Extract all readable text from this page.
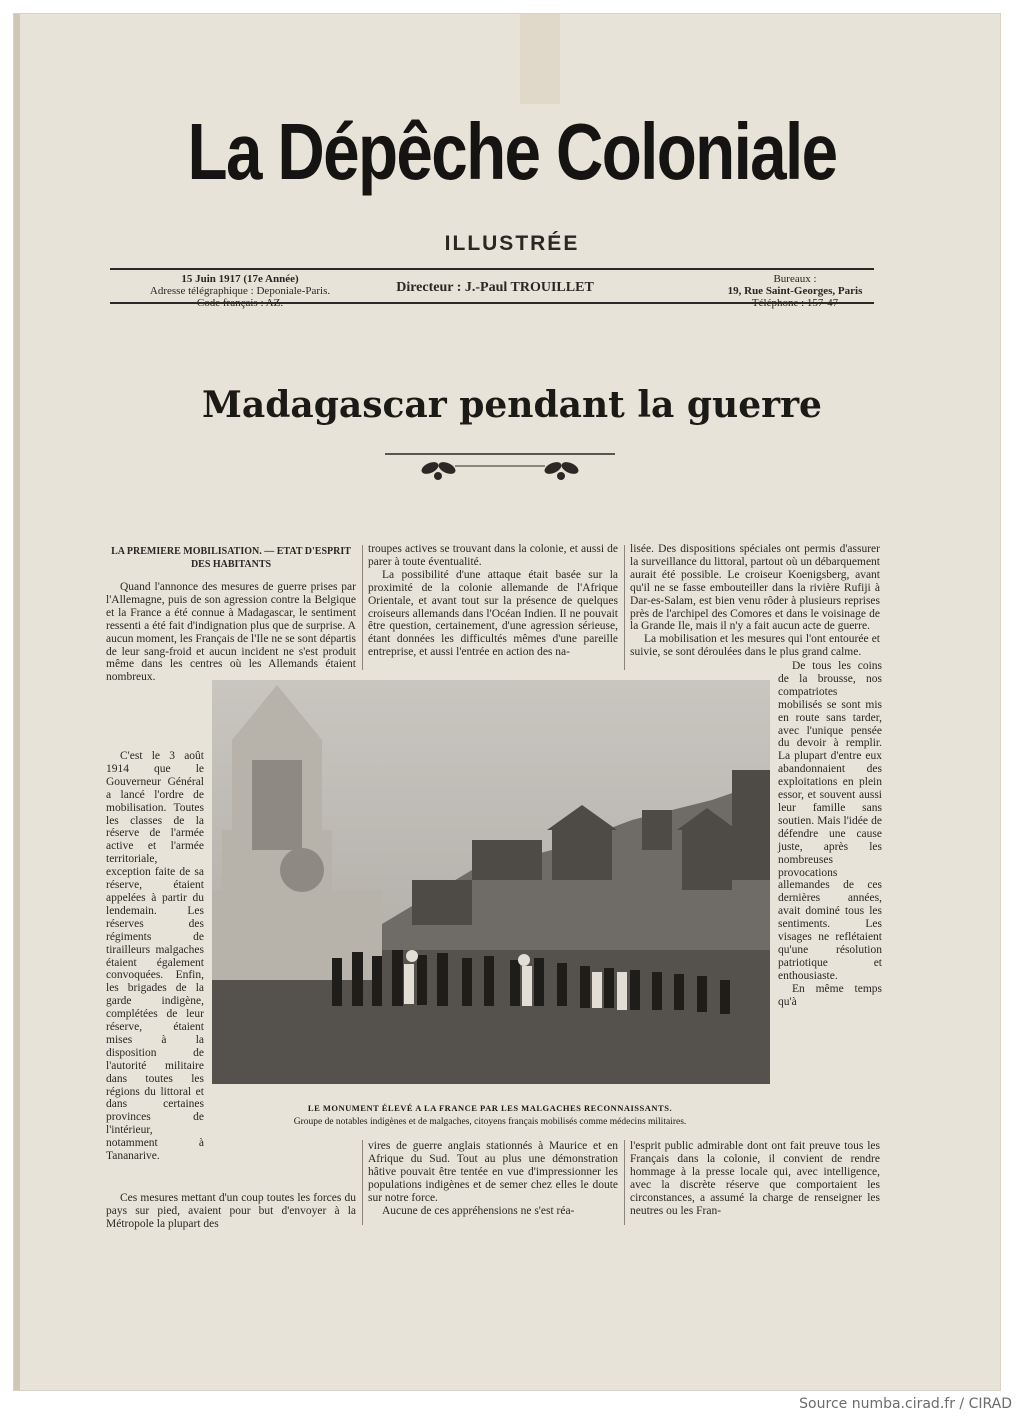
La Dépêche Coloniale
ILLUSTRÉE
15 Juin 1917 (17e Année)
Adresse télégraphique : Deponiale-Paris.
Code français : AZ.
Directeur : J.-Paul TROUILLET
Bureaux :
19, Rue Saint-Georges, Paris
Téléphone : 157-47
Madagascar pendant la guerre

LA PREMIERE MOBILISATION. — ETAT D'ESPRIT DES HABITANTS

Quand l'annonce des mesures de guerre prises par l'Allemagne, puis de son agression contre la Belgique et la France a été connue à Madagascar, le sentiment ressenti a été fait d'indignation plus que de surprise. A aucun moment, les Français de l'Ile ne se sont départis de leur sang-froid et aucun incident ne s'est produit même dans les centres où les Allemands étaient nombreux.

C'est le 3 août 1914 que le Gouverneur Général a lancé l'ordre de mobilisation. Toutes les classes de la réserve de l'armée active et l'armée territoriale, exception faite de sa réserve, étaient appelées à partir du lendemain. Les réserves des régiments de tirailleurs malgaches étaient également convoquées. Enfin, les brigades de la garde indigène, complétées de leur réserve, étaient mises à la disposition de l'autorité militaire dans toutes les régions du littoral et dans certaines provinces de l'intérieur, notamment à Tananarive.

Ces mesures mettant d'un coup toutes les forces du pays sur pied, avaient pour but d'envoyer à la Métropole la plupart des

troupes actives se trouvant dans la colonie, et aussi de parer à toute éventualité.

La possibilité d'une attaque était basée sur la proximité de la colonie allemande de l'Afrique Orientale, et avant tout sur la présence de quelques croiseurs allemands dans l'Océan Indien. Il ne pouvait être question, certainement, d'une agression sérieuse, étant données les difficultés mêmes d'une pareille entreprise, et aussi l'entrée en action des na-

vires de guerre anglais stationnés à Maurice et en Afrique du Sud. Tout au plus une démonstration hâtive pouvait être tentée en vue d'impressionner les populations indigènes et de semer chez elles le doute sur notre force.

Aucune de ces appréhensions ne s'est réa-

lisée. Des dispositions spéciales ont permis d'assurer la surveillance du littoral, partout où un débarquement aurait été possible. Le croiseur Koenigsberg, avant qu'il ne se fasse embouteiller dans la rivière Rufiji à Dar-es-Salam, est bien venu rôder à plusieurs reprises près de l'archipel des Comores et dans le voisinage de la Grande Ile, mais il n'y a fait aucun acte de guerre.

La mobilisation et les mesures qui l'ont entourée et suivie, se sont déroulées dans le plus grand calme.

De tous les coins de la brousse, nos compatriotes mobilisés se sont mis en route sans tarder, avec l'unique pensée du devoir à remplir. La plupart d'entre eux abandonnaient des exploitations en plein essor, et souvent aussi leur famille sans soutien. Mais l'idée de défendre une cause juste, après les nombreuses provocations allemandes de ces dernières années, avait dominé tous les sentiments. Les visages ne reflétaient qu'une résolution patriotique et enthousiaste.

En même temps qu'à

l'esprit public admirable dont ont fait preuve tous les Français dans la colonie, il convient de rendre hommage à la presse locale qui, avec intelligence, avec la discrète réserve que comportaient les circonstances, a assumé la charge de renseigner les neutres ou les Fran-

LE MONUMENT ÉLEVÉ A LA FRANCE PAR LES MALGACHES RECONNAISSANTS.
Groupe de notables indigènes et de malgaches, citoyens français mobilisés comme médecins militaires.
Source numba.cirad.fr / CIRAD
